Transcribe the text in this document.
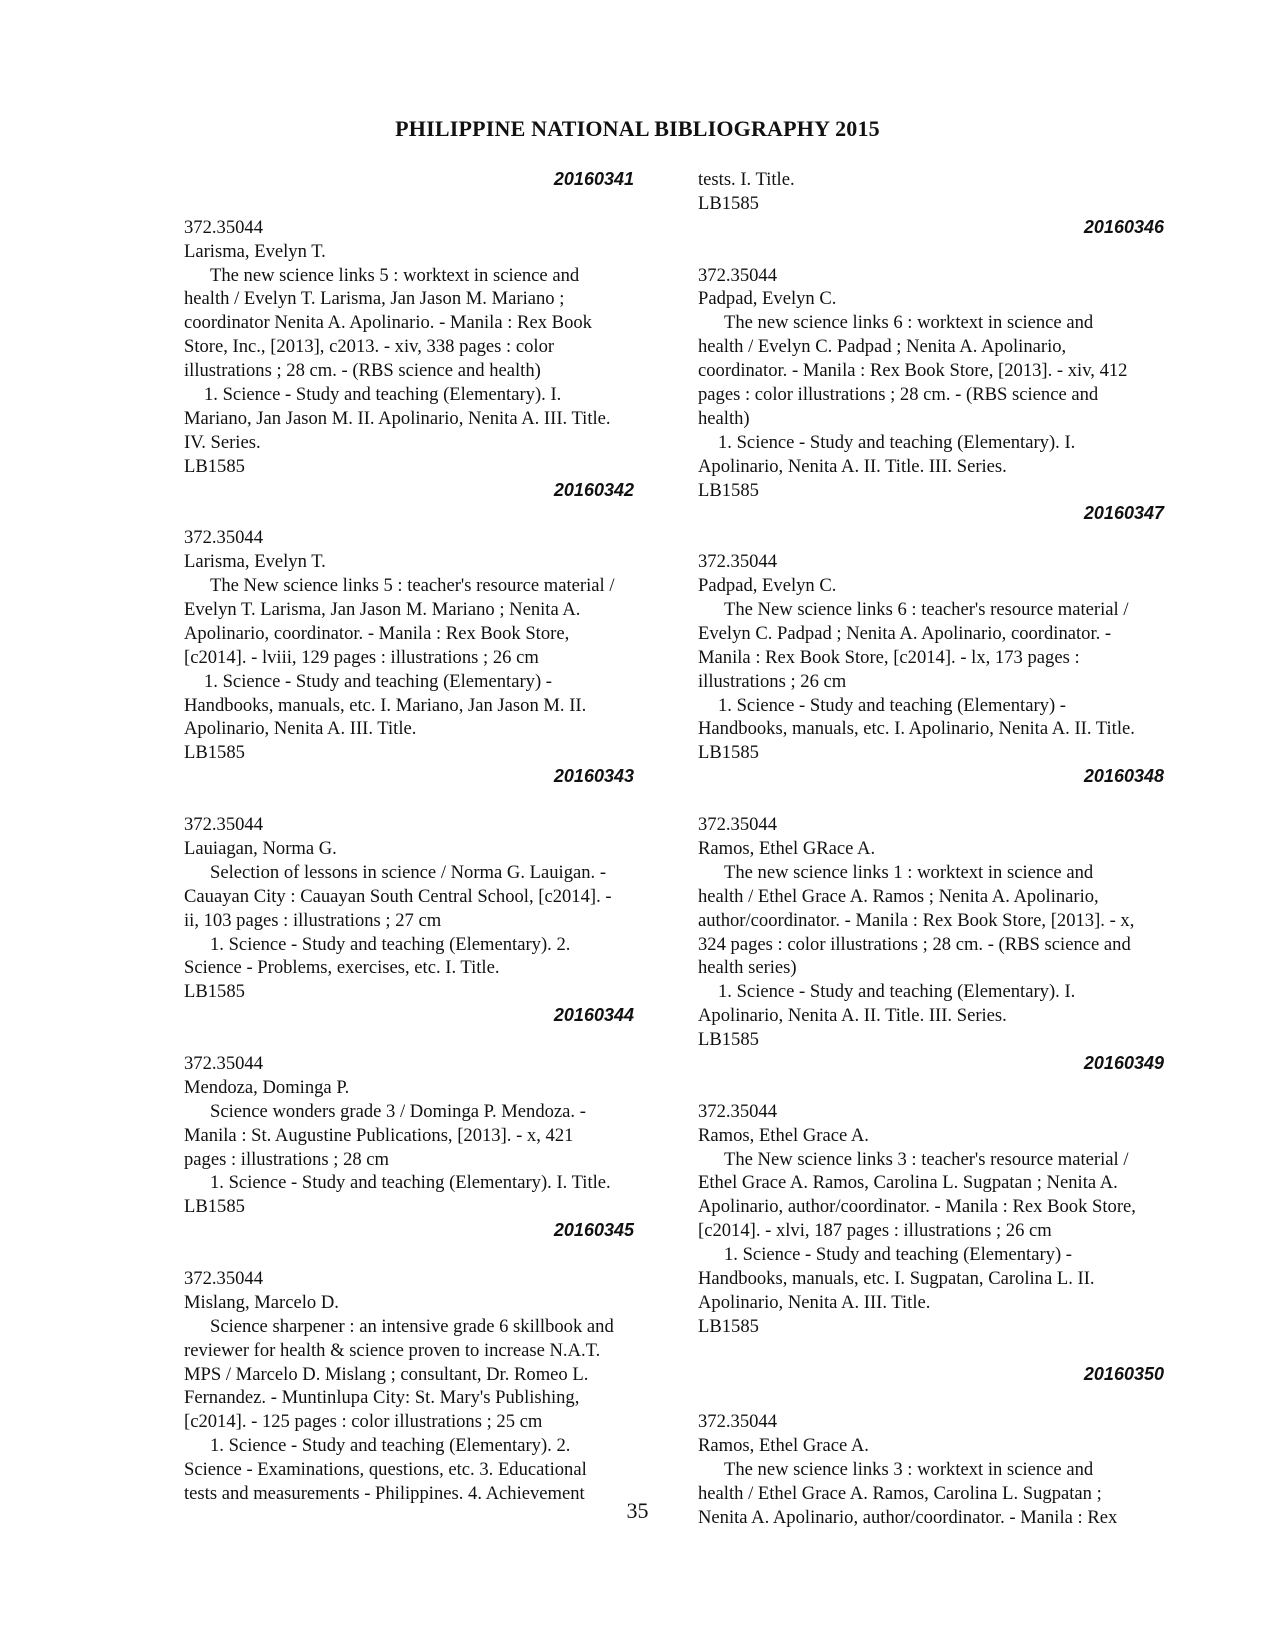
PHILIPPINE NATIONAL BIBLIOGRAPHY 2015
20160341
372.35044
Larisma, Evelyn T.
The new science links 5 : worktext in science and
health / Evelyn T. Larisma, Jan Jason M. Mariano ;
coordinator Nenita A. Apolinario. - Manila : Rex Book
Store, Inc., [2013], c2013. - xiv, 338 pages : color
illustrations ; 28 cm. - (RBS science and health)
1. Science - Study and teaching (Elementary). I.
Mariano, Jan Jason M. II. Apolinario, Nenita A. III. Title.
IV. Series.
LB1585
20160342
372.35044
Larisma, Evelyn T.
The New science links 5 : teacher's resource material /
Evelyn T. Larisma, Jan Jason M. Mariano ; Nenita A.
Apolinario, coordinator. - Manila : Rex Book Store,
[c2014]. - lviii, 129 pages : illustrations ; 26 cm
1. Science - Study and teaching (Elementary) -
Handbooks, manuals, etc. I. Mariano, Jan Jason M. II.
Apolinario, Nenita A. III. Title.
LB1585
20160343
372.35044
Lauiagan, Norma G.
Selection of lessons in science / Norma G. Lauigan. -
Cauayan City : Cauayan South Central School, [c2014]. -
ii, 103 pages : illustrations ; 27 cm
1. Science - Study and teaching (Elementary). 2.
Science - Problems, exercises, etc. I. Title.
LB1585
20160344
372.35044
Mendoza, Dominga P.
Science wonders grade 3 / Dominga P. Mendoza. -
Manila : St. Augustine Publications, [2013]. - x, 421
pages : illustrations ; 28 cm
1. Science - Study and teaching (Elementary). I. Title.
LB1585
20160345
372.35044
Mislang, Marcelo D.
Science sharpener : an intensive grade 6 skillbook and
reviewer for health & science proven to increase N.A.T.
MPS / Marcelo D. Mislang ; consultant, Dr. Romeo L.
Fernandez. - Muntinlupa City: St. Mary's Publishing,
[c2014]. - 125 pages : color illustrations ; 25 cm
1. Science - Study and teaching (Elementary). 2.
Science - Examinations, questions, etc. 3. Educational
tests and measurements - Philippines. 4. Achievement
tests. I. Title.
LB1585
20160346
372.35044
Padpad, Evelyn C.
The new science links 6 : worktext in science and
health / Evelyn C. Padpad ; Nenita A. Apolinario,
coordinator. - Manila : Rex Book Store, [2013]. - xiv, 412
pages : color illustrations ; 28 cm. - (RBS science and
health)
1. Science - Study and teaching (Elementary). I.
Apolinario, Nenita A. II. Title. III. Series.
LB1585
20160347
372.35044
Padpad, Evelyn C.
The New science links 6 : teacher's resource material /
Evelyn C. Padpad ; Nenita A. Apolinario, coordinator. -
Manila : Rex Book Store, [c2014]. - lx, 173 pages :
illustrations ; 26 cm
1. Science - Study and teaching (Elementary) -
Handbooks, manuals, etc. I. Apolinario, Nenita A. II. Title.
LB1585
20160348
372.35044
Ramos, Ethel GRace A.
The new science links 1 : worktext in science and
health / Ethel Grace A. Ramos ; Nenita A. Apolinario,
author/coordinator. - Manila : Rex Book Store, [2013]. - x,
324 pages : color illustrations ; 28 cm. - (RBS science and
health series)
1. Science - Study and teaching (Elementary). I.
Apolinario, Nenita A. II. Title. III. Series.
LB1585
20160349
372.35044
Ramos, Ethel Grace A.
The New science links 3 : teacher's resource material /
Ethel Grace A. Ramos, Carolina L. Sugpatan ; Nenita A.
Apolinario, author/coordinator. - Manila : Rex Book Store,
[c2014]. - xlvi, 187 pages : illustrations ; 26 cm
1. Science - Study and teaching (Elementary) -
Handbooks, manuals, etc. I. Sugpatan, Carolina L. II.
Apolinario, Nenita A. III. Title.
LB1585
20160350
372.35044
Ramos, Ethel Grace A.
The new science links 3 : worktext in science and
health / Ethel Grace A. Ramos, Carolina L. Sugpatan ;
Nenita A. Apolinario, author/coordinator. - Manila : Rex
35
